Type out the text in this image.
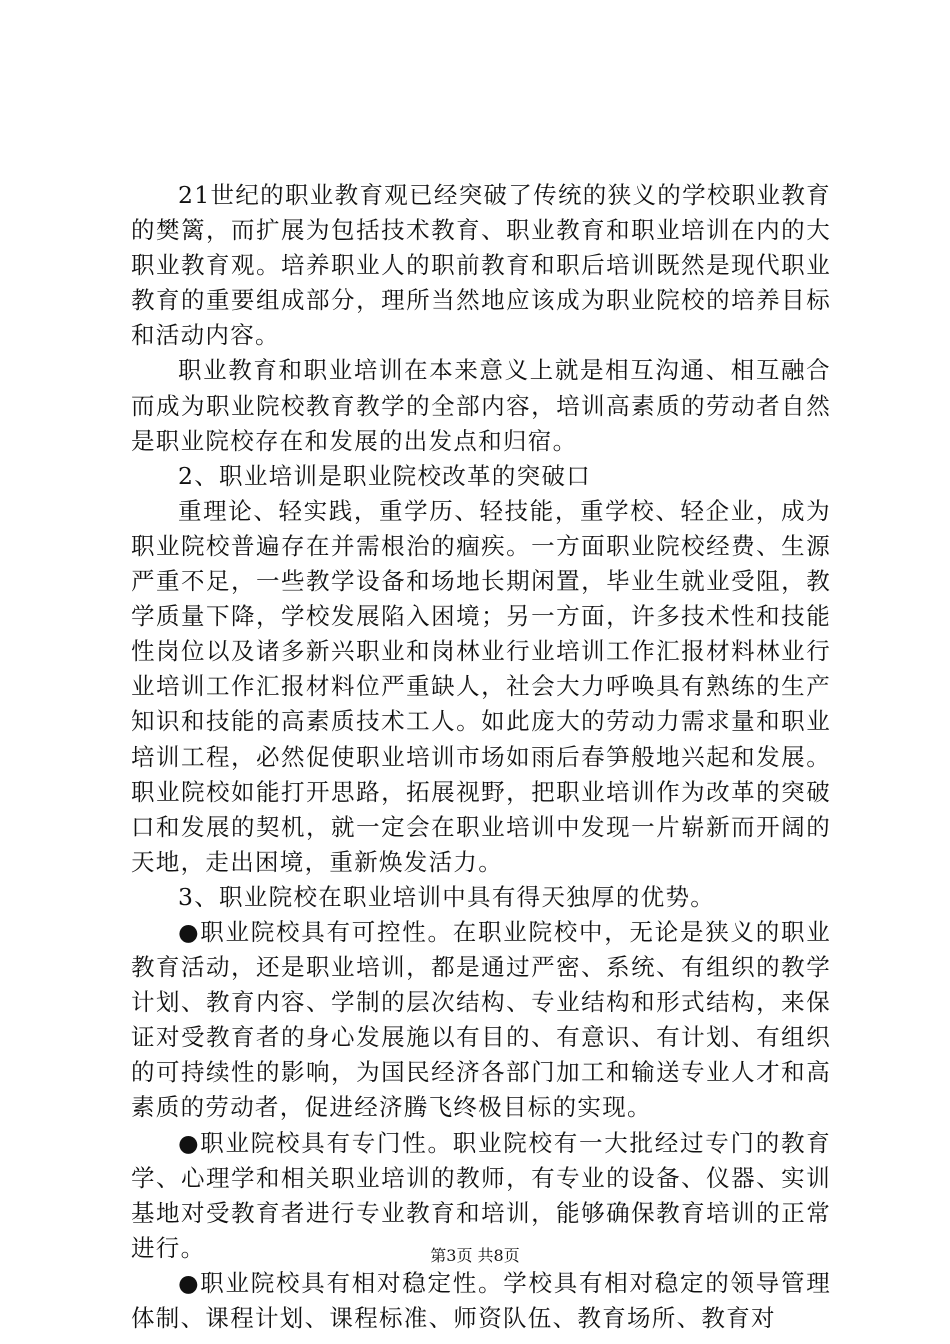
21世纪的职业教育观已经突破了传统的狭义的学校职业教育的樊篱，而扩展为包括技术教育、职业教育和职业培训在内的大职业教育观。培养职业人的职前教育和职后培训既然是现代职业教育的重要组成部分，理所当然地应该成为职业院校的培养目标和活动内容。

职业教育和职业培训在本来意义上就是相互沟通、相互融合而成为职业院校教育教学的全部内容，培训高素质的劳动者自然是职业院校存在和发展的出发点和归宿。

2、职业培训是职业院校改革的突破口

重理论、轻实践，重学历、轻技能，重学校、轻企业，成为职业院校普遍存在并需根治的痼疾。一方面职业院校经费、生源严重不足，一些教学设备和场地长期闲置，毕业生就业受阻，教学质量下降，学校发展陷入困境；另一方面，许多技术性和技能性岗位以及诸多新兴职业和岗林业行业培训工作汇报材料林业行业培训工作汇报材料位严重缺人，社会大力呼唤具有熟练的生产知识和技能的高素质技术工人。如此庞大的劳动力需求量和职业培训工程，必然促使职业培训市场如雨后春笋般地兴起和发展。职业院校如能打开思路，拓展视野，把职业培训作为改革的突破口和发展的契机，就一定会在职业培训中发现一片崭新而开阔的天地，走出困境，重新焕发活力。

3、职业院校在职业培训中具有得天独厚的优势。

●职业院校具有可控性。在职业院校中，无论是狭义的职业教育活动，还是职业培训，都是通过严密、系统、有组织的教学计划、教育内容、学制的层次结构、专业结构和形式结构，来保证对受教育者的身心发展施以有目的、有意识、有计划、有组织的可持续性的影响，为国民经济各部门加工和输送专业人才和高素质的劳动者，促进经济腾飞终极目标的实现。

●职业院校具有专门性。职业院校有一大批经过专门的教育学、心理学和相关职业培训的教师，有专业的设备、仪器、实训基地对受教育者进行专业教育和培训，能够确保教育培训的正常进行。

●职业院校具有相对稳定性。学校具有相对稳定的领导管理体制、课程计划、课程标准、师资队伍、教育场所、教育对

第3页 共8页
